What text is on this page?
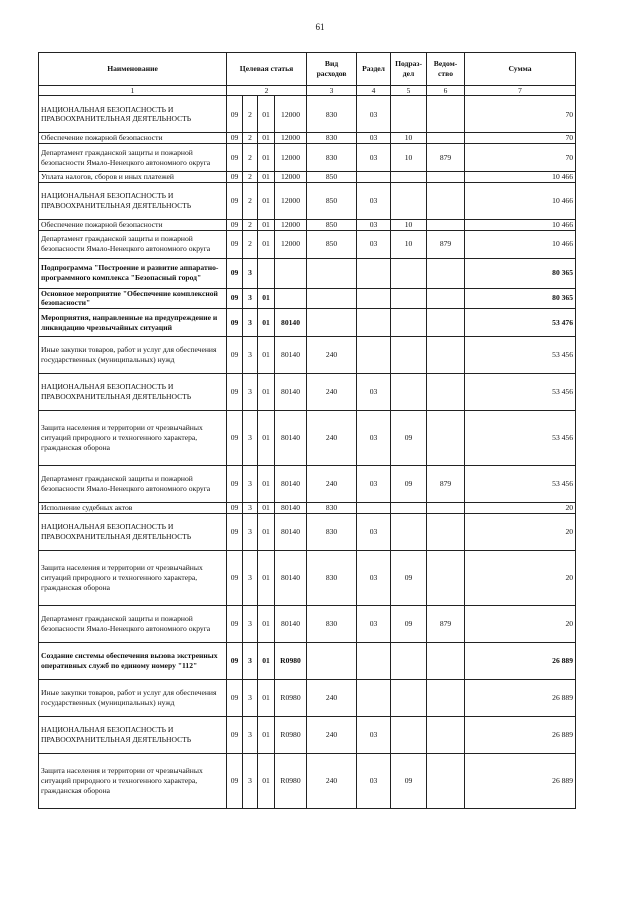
61
Наименование	Целевая статья				Вид расходов	Раздел	Подраз-дел	Ведом-ство	Сумма
1	2				3	4	5	6	7
НАЦИОНАЛЬНАЯ БЕЗОПАСНОСТЬ И ПРАВООХРАНИТЕЛЬНАЯ ДЕЯТЕЛЬНОСТЬ	09	2	01	12000	830	03			70
Обеспечение пожарной безопасности	09	2	01	12000	830	03	10		70
Департамент гражданской защиты и пожарной безопасности Ямало-Ненецкого автономного округа	09	2	01	12000	830	03	10	879	70
Уплата налогов, сборов и иных платежей	09	2	01	12000	850				10 466
НАЦИОНАЛЬНАЯ БЕЗОПАСНОСТЬ И ПРАВООХРАНИТЕЛЬНАЯ ДЕЯТЕЛЬНОСТЬ	09	2	01	12000	850	03			10 466
Обеспечение пожарной безопасности	09	2	01	12000	850	03	10		10 466
Департамент гражданской защиты и пожарной безопасности Ямало-Ненецкого автономного округа	09	2	01	12000	850	03	10	879	10 466
Подпрограмма "Построение и развитие аппаратно-программного комплекса "Безопасный город"	09	3							80 365
Основное мероприятие "Обеспечение комплексной безопасности"	09	3	01						80 365
Мероприятия, направленные на предупреждение и ликвидацию чрезвычайных ситуаций	09	3	01	80140					53 476
Иные закупки товаров, работ и услуг для обеспечения государственных (муниципальных) нужд	09	3	01	80140	240				53 456
НАЦИОНАЛЬНАЯ БЕЗОПАСНОСТЬ И ПРАВООХРАНИТЕЛЬНАЯ ДЕЯТЕЛЬНОСТЬ	09	3	01	80140	240	03			53 456
Защита населения и территории от чрезвычайных ситуаций природного и техногенного характера, гражданская оборона	09	3	01	80140	240	03	09		53 456
Департамент гражданской защиты и пожарной безопасности Ямало-Ненецкого автономного округа	09	3	01	80140	240	03	09	879	53 456
Исполнение судебных актов	09	3	01	80140	830				20
НАЦИОНАЛЬНАЯ БЕЗОПАСНОСТЬ И ПРАВООХРАНИТЕЛЬНАЯ ДЕЯТЕЛЬНОСТЬ	09	3	01	80140	830	03			20
Защита населения и территории от чрезвычайных ситуаций природного и техногенного характера, гражданская оборона	09	3	01	80140	830	03	09		20
Департамент гражданской защиты и пожарной безопасности Ямало-Ненецкого автономного округа	09	3	01	80140	830	03	09	879	20
Создание системы обеспечения вызова экстренных оперативных служб по единому номеру "112"	09	3	01	R0980					26 889
Иные закупки товаров, работ и услуг для обеспечения государственных (муниципальных) нужд	09	3	01	R0980	240				26 889
НАЦИОНАЛЬНАЯ БЕЗОПАСНОСТЬ И ПРАВООХРАНИТЕЛЬНАЯ ДЕЯТЕЛЬНОСТЬ	09	3	01	R0980	240	03			26 889
Защита населения и территории от чрезвычайных ситуаций природного и техногенного характера, гражданская оборона	09	3	01	R0980	240	03	09		26 889
